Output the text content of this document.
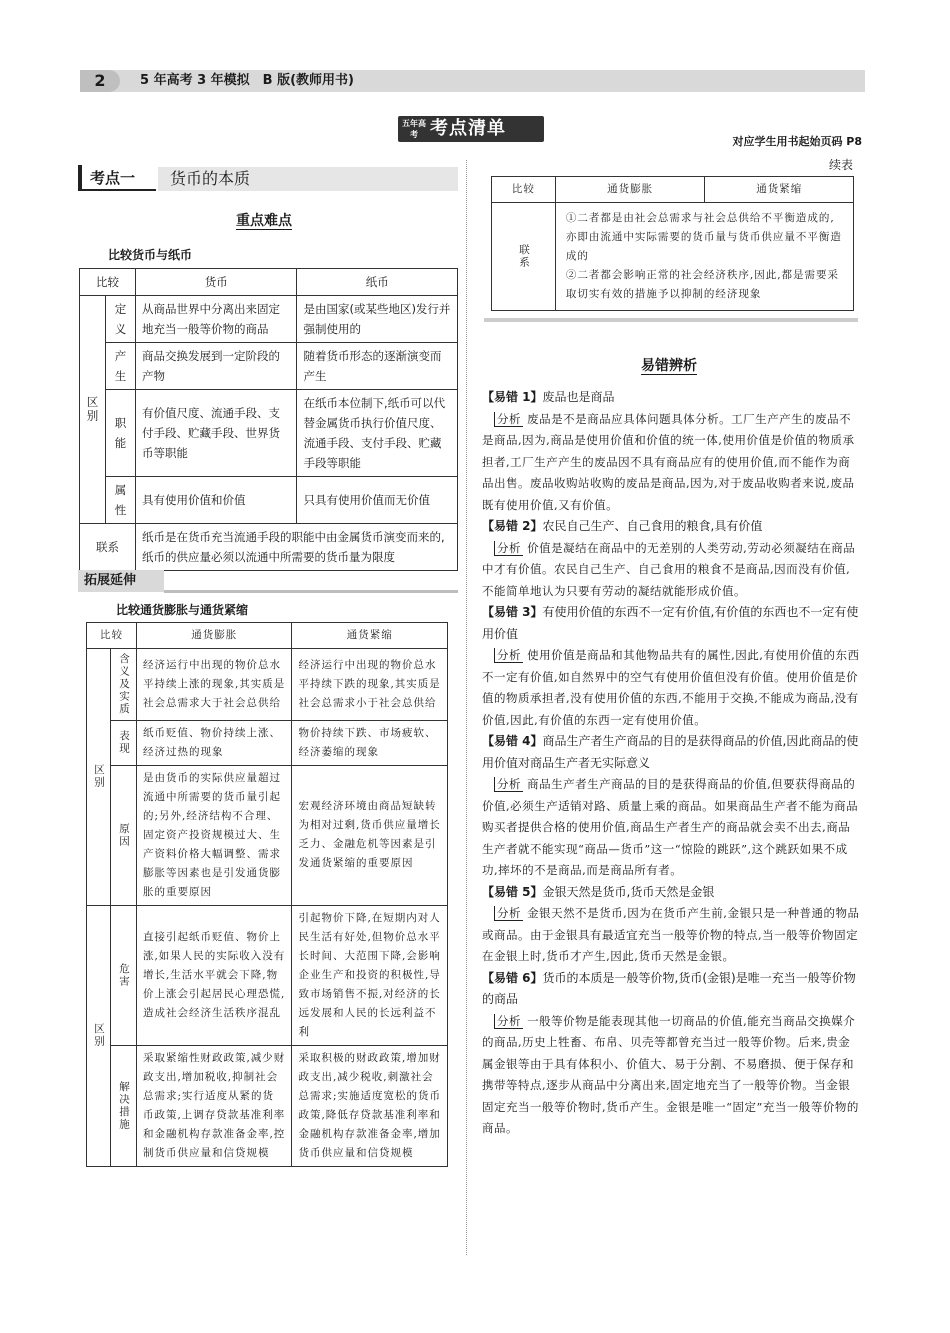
2	5 年高考 3 年模拟　B 版(教师用书)
五年高考 考点清单
对应学生用书起始页码 P8
考点一	货币的本质
重点难点
比较货币与纸币
比较		货币	纸币
区别	定义	从商品世界中分离出来固定地充当一般等价物的商品	是由国家(或某些地区)发行并强制使用的
	产生	商品交换发展到一定阶段的产物	随着货币形态的逐渐演变而产生
	职能	有价值尺度、流通手段、支付手段、贮藏手段、世界货币等职能	在纸币本位制下,纸币可以代替金属货币执行价值尺度、流通手段、支付手段、贮藏手段等职能
	属性	具有使用价值和价值	只具有使用价值而无价值
联系		纸币是在货币充当流通手段的职能中由金属货币演变而来的,纸币的供应量必须以流通中所需要的货币量为限度	
拓展延伸
比较通货膨胀与通货紧缩
比较		通货膨胀	通货紧缩
区别	含义及实质	经济运行中出现的物价总水平持续上涨的现象,其实质是社会总需求大于社会总供给	经济运行中出现的物价总水平持续下跌的现象,其实质是社会总需求小于社会总供给
	表现	纸币贬值、物价持续上涨、经济过热的现象	物价持续下跌、市场疲软、经济萎缩的现象
	原因	是由货币的实际供应量超过流通中所需要的货币量引起的;另外,经济结构不合理、固定资产投资规模过大、生产资料价格大幅调整、需求膨胀等因素也是引发通货膨胀的重要原因	宏观经济环境由商品短缺转为相对过剩,货币供应量增长乏力、金融危机等因素是引发通货紧缩的重要原因
区别	危害	直接引起纸币贬值、物价上涨,如果人民的实际收入没有增长,生活水平就会下降,物价上涨会引起居民心理恐慌,造成社会经济生活秩序混乱	引起物价下降,在短期内对人民生活有好处,但物价总水平长时间、大范围下降,会影响企业生产和投资的积极性,导致市场销售不振,对经济的长远发展和人民的长远利益不利
	解决措施	采取紧缩性财政政策,减少财政支出,增加税收,抑制社会总需求;实行适度从紧的货币政策,上调存贷款基准利率和金融机构存款准备金率,控制货币供应量和信贷规模	采取积极的财政政策,增加财政支出,减少税收,刺激社会总需求;实施适度宽松的货币政策,降低存贷款基准利率和金融机构存款准备金率,增加货币供应量和信贷规模
续表
比较	通货膨胀	通货紧缩
联系	①二者都是由社会总需求与社会总供给不平衡造成的,亦即由流通中实际需要的货币量与货币供应量不平衡造成的
②二者都会影响正常的社会经济秩序,因此,都是需要采取切实有效的措施予以抑制的经济现象	
易错辨析

【易错 1】废品也是商品

　分析 废品是不是商品应具体问题具体分析。工厂生产产生的废品不是商品,因为,商品是使用价值和价值的统一体,使用价值是价值的物质承担者,工厂生产产生的废品因不具有商品应有的使用价值,而不能作为商品出售。废品收购站收购的废品是商品,因为,对于废品收购者来说,废品既有使用价值,又有价值。

【易错 2】农民自己生产、自己食用的粮食,具有价值

　分析 价值是凝结在商品中的无差别的人类劳动,劳动必须凝结在商品中才有价值。农民自己生产、自己食用的粮食不是商品,因而没有价值,不能简单地认为只要有劳动的凝结就能形成价值。

【易错 3】有使用价值的东西不一定有价值,有价值的东西也不一定有使用价值

　分析 使用价值是商品和其他物品共有的属性,因此,有使用价值的东西不一定有价值,如自然界中的空气有使用价值但没有价值。使用价值是价值的物质承担者,没有使用价值的东西,不能用于交换,不能成为商品,没有价值,因此,有价值的东西一定有使用价值。

【易错 4】商品生产者生产商品的目的是获得商品的价值,因此商品的使用价值对商品生产者无实际意义

　分析 商品生产者生产商品的目的是获得商品的价值,但要获得商品的价值,必须生产适销对路、质量上乘的商品。如果商品生产者不能为商品购买者提供合格的使用价值,商品生产者生产的商品就会卖不出去,商品生产者就不能实现“商品—货币”这一“惊险的跳跃”,这个跳跃如果不成功,摔坏的不是商品,而是商品所有者。

【易错 5】金银天然是货币,货币天然是金银

　分析 金银天然不是货币,因为在货币产生前,金银只是一种普通的物品或商品。由于金银具有最适宜充当一般等价物的特点,当一般等价物固定在金银上时,货币才产生,因此,货币天然是金银。

【易错 6】货币的本质是一般等价物,货币(金银)是唯一充当一般等价物的商品

　分析 一般等价物是能表现其他一切商品的价值,能充当商品交换媒介的商品,历史上牲畜、布帛、贝壳等都曾充当过一般等价物。后来,贵金属金银等由于具有体积小、价值大、易于分割、不易磨损、便于保存和携带等特点,逐步从商品中分离出来,固定地充当了一般等价物。当金银固定充当一般等价物时,货币产生。金银是唯一“固定”充当一般等价物的商品。
